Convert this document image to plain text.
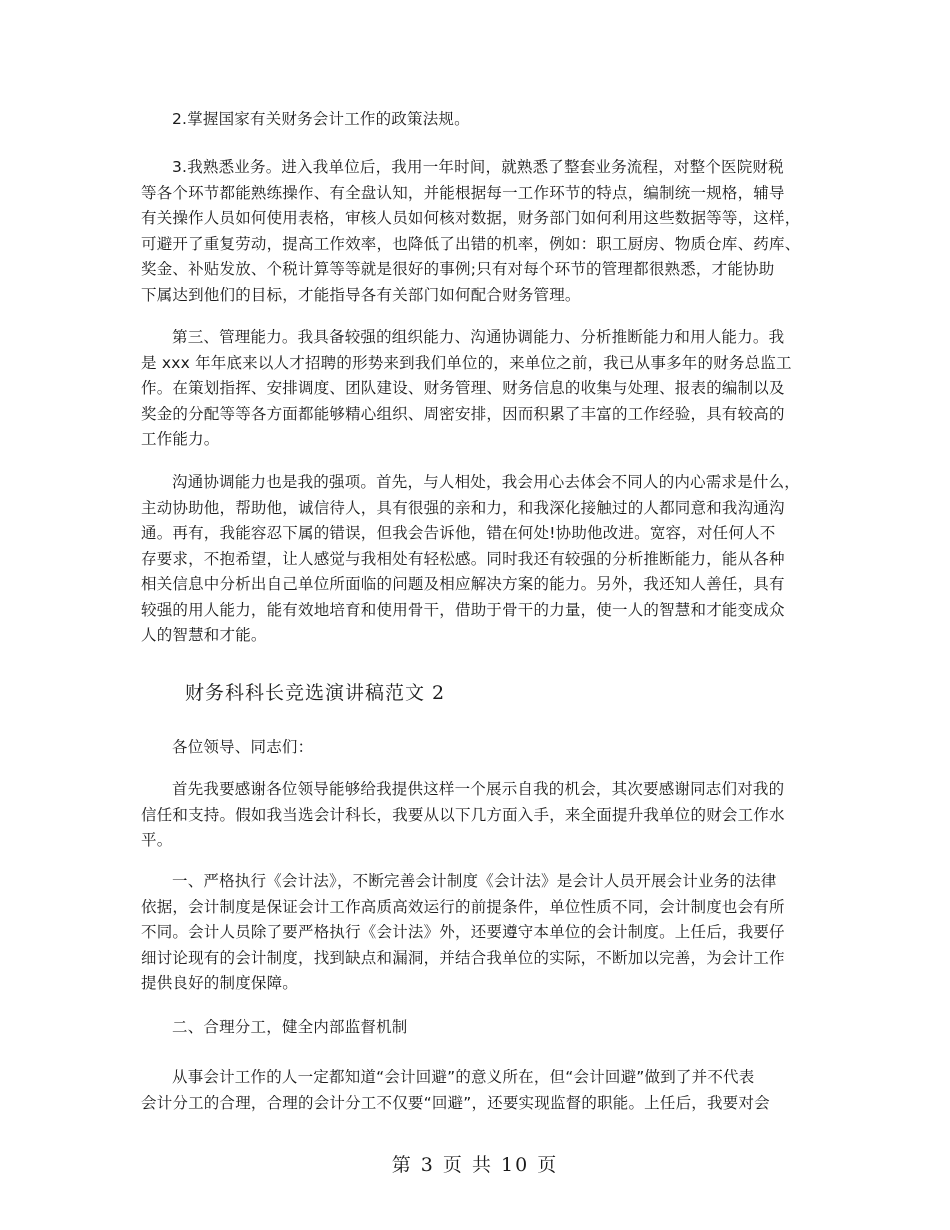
2.掌握国家有关财务会计工作的政策法规。

3.我熟悉业务。进入我单位后，我用一年时间，就熟悉了整套业务流程，对整个医院财税
等各个环节都能熟练操作、有全盘认知，并能根据每一工作环节的特点，编制统一规格，辅导
有关操作人员如何使用表格，审核人员如何核对数据，财务部门如何利用这些数据等等，这样，
可避开了重复劳动，提高工作效率，也降低了出错的机率，例如：职工厨房、物质仓库、药库、
奖金、补贴发放、个税计算等等就是很好的事例;只有对每个环节的管理都很熟悉，才能协助
下属达到他们的目标，才能指导各有关部门如何配合财务管理。

第三、管理能力。我具备较强的组织能力、沟通协调能力、分析推断能力和用人能力。我
是 xxx 年年底来以人才招聘的形势来到我们单位的，来单位之前，我已从事多年的财务总监工
作。在策划指挥、安排调度、团队建设、财务管理、财务信息的收集与处理、报表的编制以及
奖金的分配等等各方面都能够精心组织、周密安排，因而积累了丰富的工作经验，具有较高的
工作能力。

沟通协调能力也是我的强项。首先，与人相处，我会用心去体会不同人的内心需求是什么，
主动协助他，帮助他，诚信待人，具有很强的亲和力，和我深化接触过的人都同意和我沟通沟
通。再有，我能容忍下属的错误，但我会告诉他，错在何处!协助他改进。宽容，对任何人不
存要求，不抱希望，让人感觉与我相处有轻松感。同时我还有较强的分析推断能力，能从各种
相关信息中分析出自己单位所面临的问题及相应解决方案的能力。另外，我还知人善任，具有
较强的用人能力，能有效地培育和使用骨干，借助于骨干的力量，使一人的智慧和才能变成众
人的智慧和才能。

财务科科长竞选演讲稿范文 2

各位领导、同志们：

首先我要感谢各位领导能够给我提供这样一个展示自我的机会，其次要感谢同志们对我的
信任和支持。假如我当选会计科长，我要从以下几方面入手，来全面提升我单位的财会工作水
平。

一、严格执行《会计法》，不断完善会计制度《会计法》是会计人员开展会计业务的法律
依据，会计制度是保证会计工作高质高效运行的前提条件，单位性质不同，会计制度也会有所
不同。会计人员除了要严格执行《会计法》外，还要遵守本单位的会计制度。上任后，我要仔
细讨论现有的会计制度，找到缺点和漏洞，并结合我单位的实际，不断加以完善，为会计工作
提供良好的制度保障。

二、合理分工，健全内部监督机制

从事会计工作的人一定都知道“会计回避”的意义所在，但“会计回避”做到了并不代表
会计分工的合理，合理的会计分工不仅要“回避”，还要实现监督的职能。上任后，我要对会

第 3 页 共 10 页
